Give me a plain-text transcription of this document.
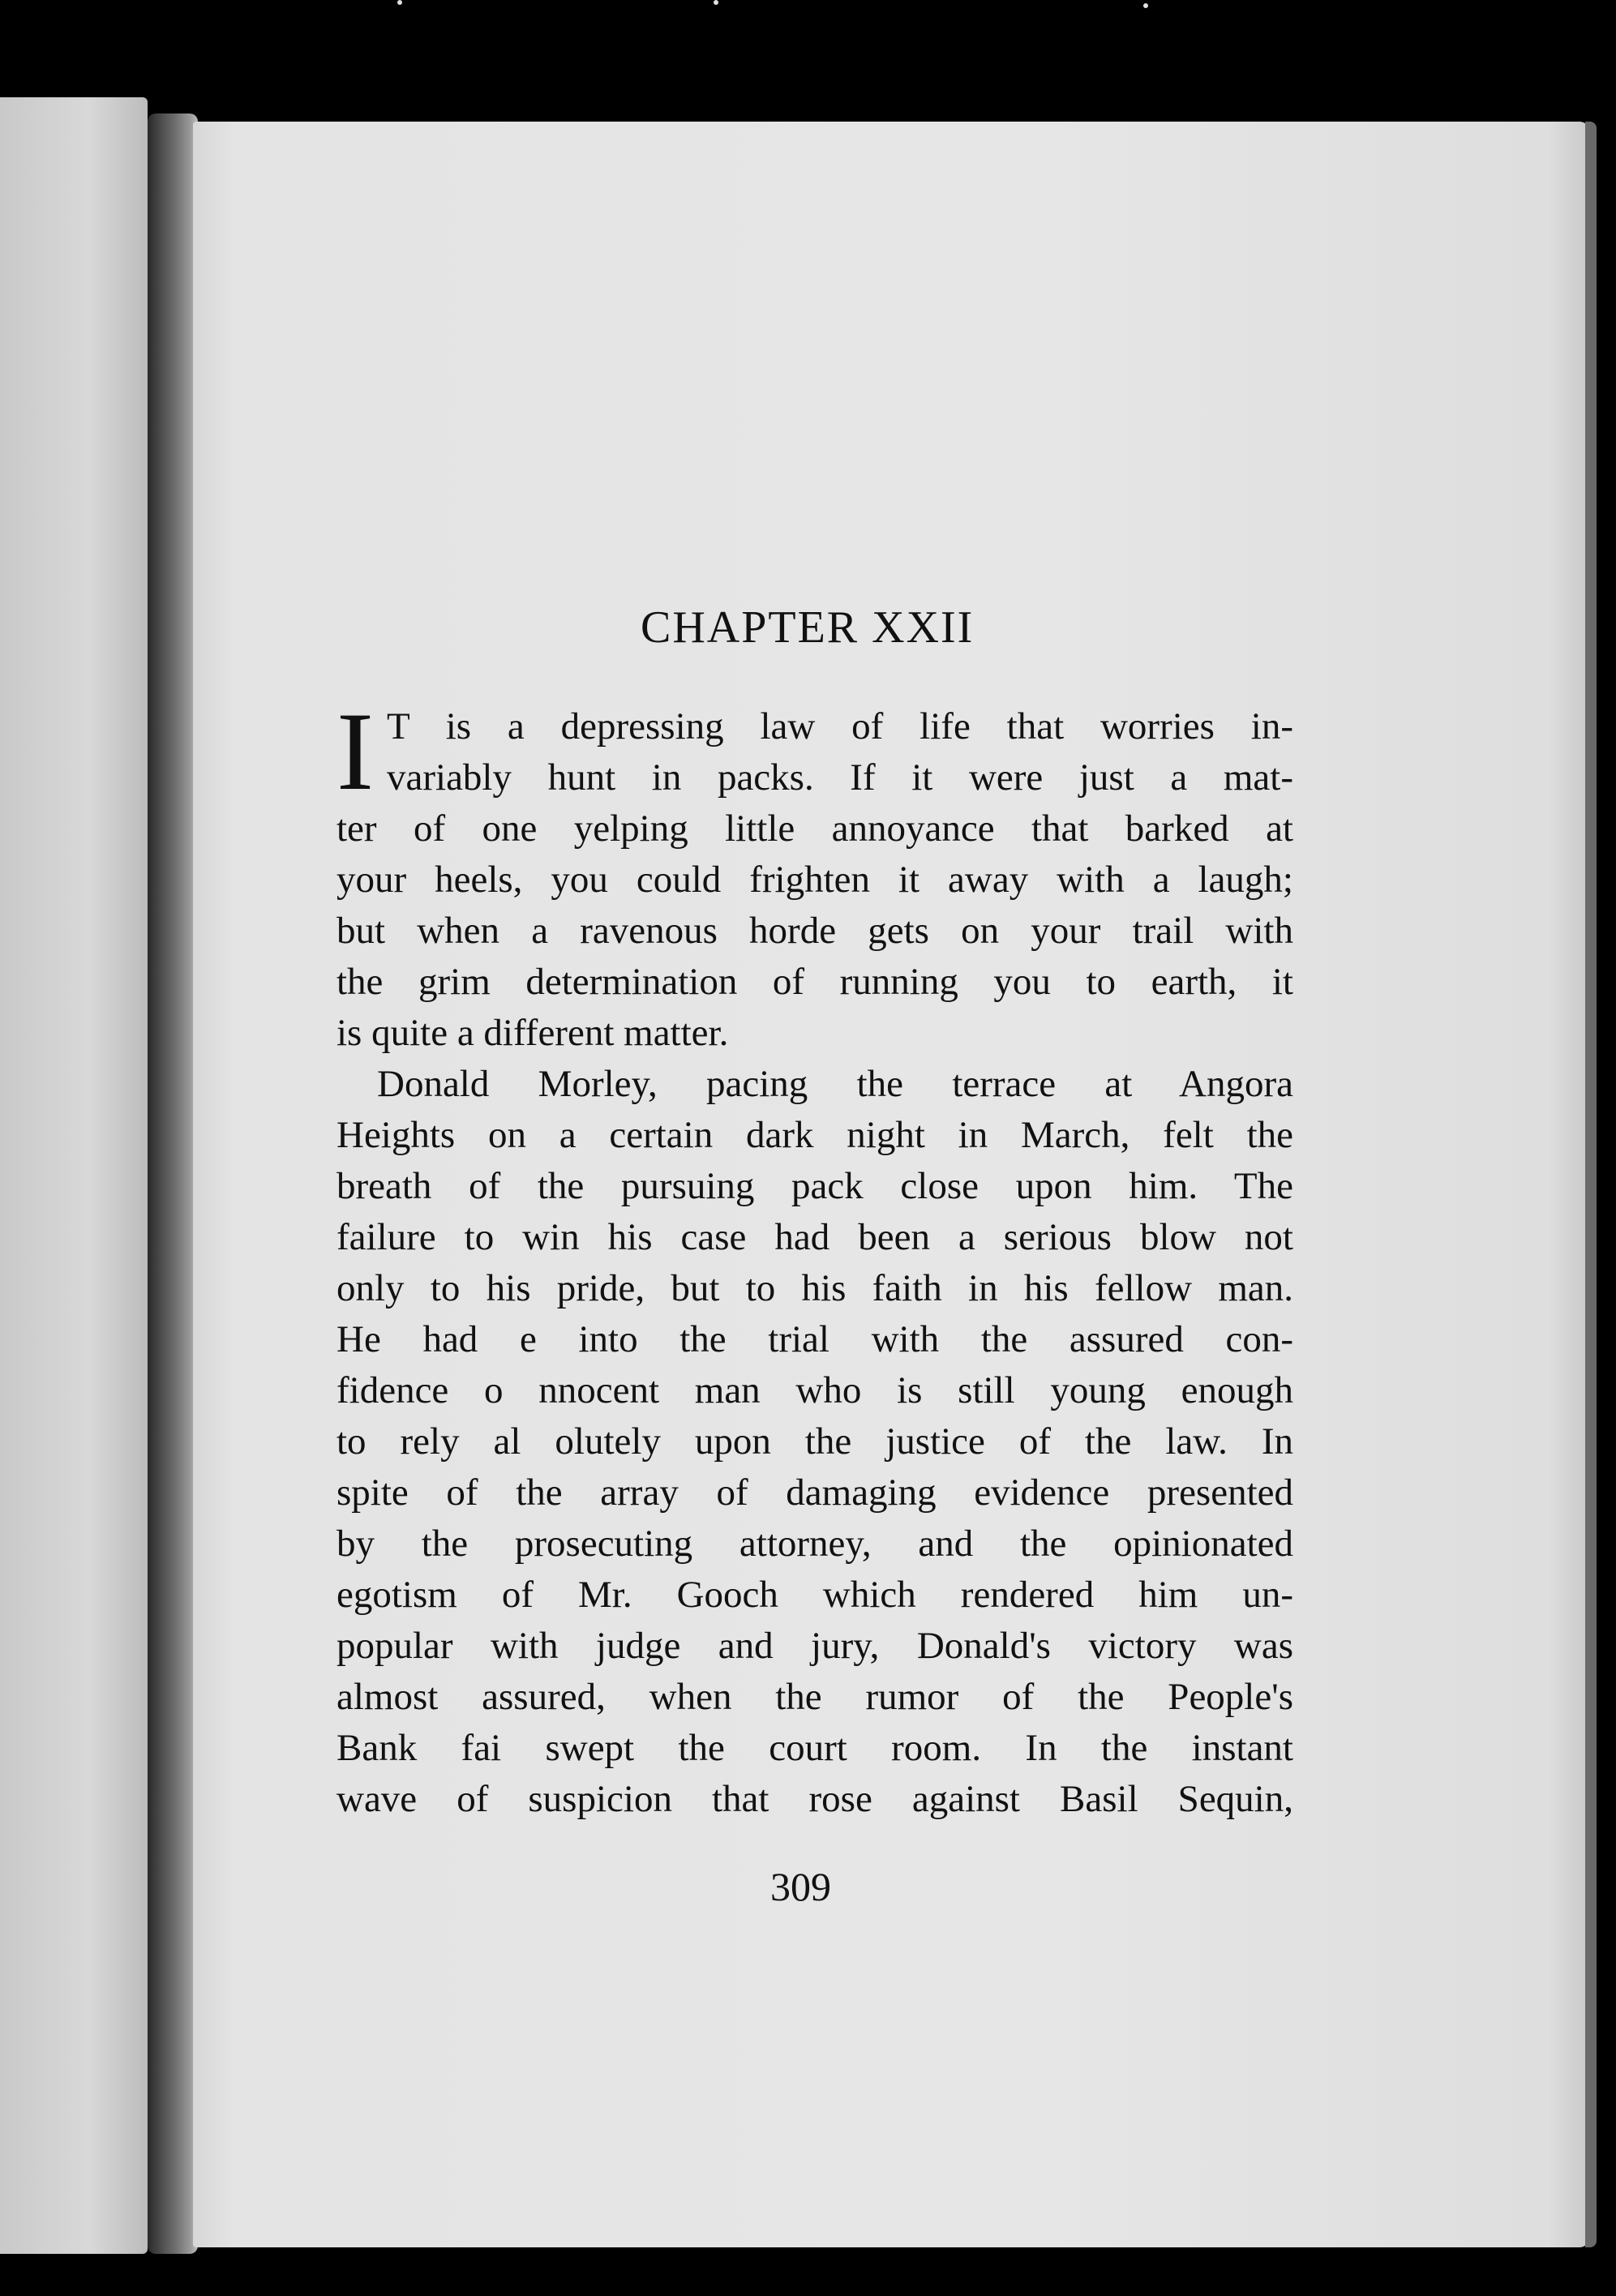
CHAPTER XXII
I T is a depressing law of life that worries in-
variably hunt in packs. If it were just a mat-
ter of one yelping little annoyance that barked at
your heels, you could frighten it away with a laugh;
but when a ravenous horde gets on your trail with
the grim determination of running you to earth, it
is quite a different matter.
Donald Morley, pacing the terrace at Angora
Heights on a certain dark night in March, felt the
breath of the pursuing pack close upon him. The
failure to win his case had been a serious blow not
only to his pride, but to his faith in his fellow man.
He had e into the trial with the assured con-
fidence o nnocent man who is still young enough
to rely al olutely upon the justice of the law. In
spite of the array of damaging evidence presented
by the prosecuting attorney, and the opinionated
egotism of Mr. Gooch which rendered him un-
popular with judge and jury, Donald's victory was
almost assured, when the rumor of the People's
Bank fai swept the court room. In the instant
wave of suspicion that rose against Basil Sequin,
309
